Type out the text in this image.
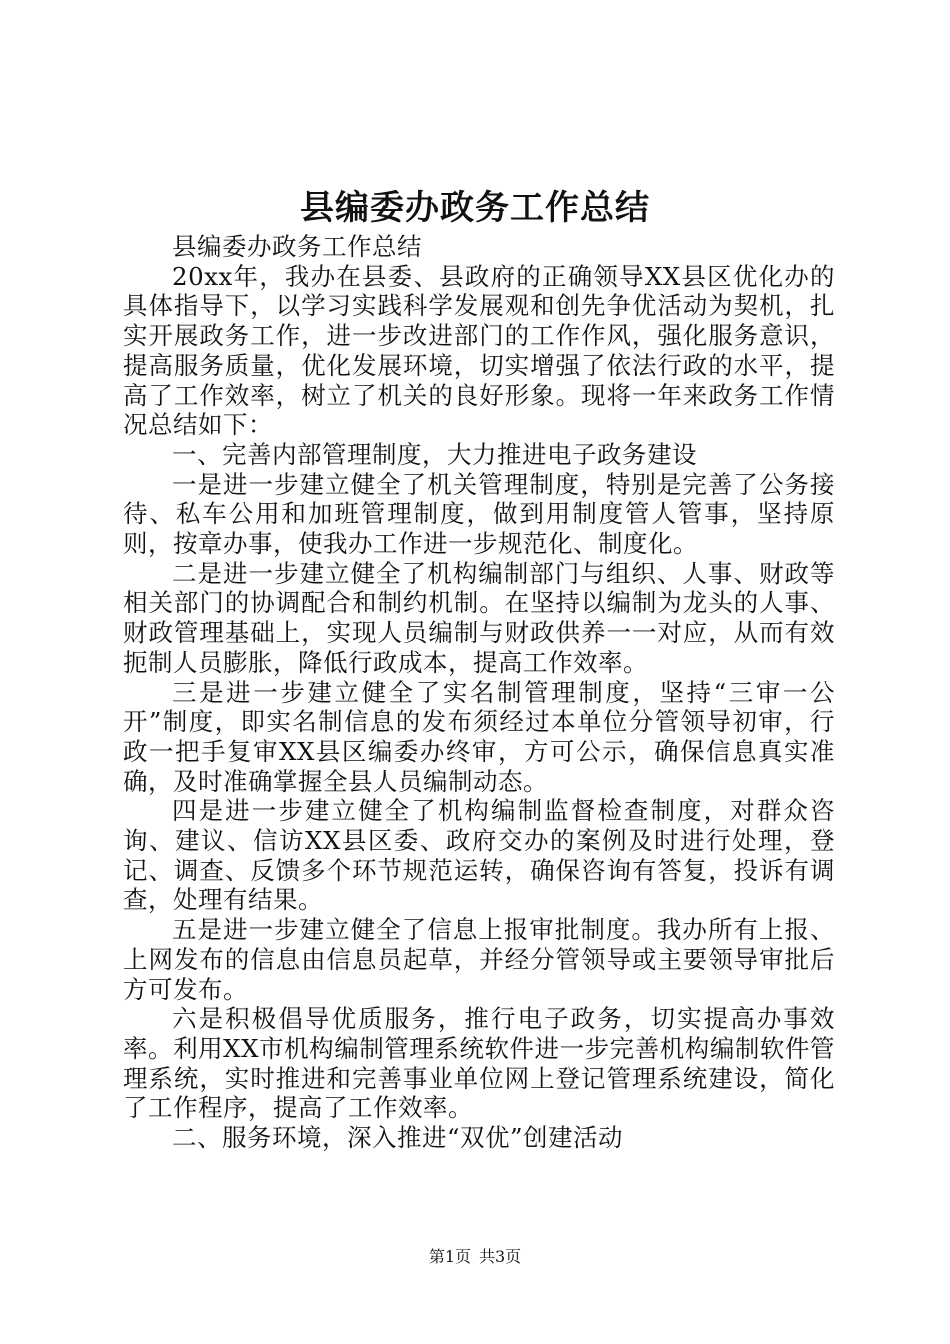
县编委办政务工作总结

县编委办政务工作总结

20xx年，我办在县委、县政府的正确领导XX县区优化办的具体指导下，以学习实践科学发展观和创先争优活动为契机，扎实开展政务工作，进一步改进部门的工作作风，强化服务意识，提高服务质量，优化发展环境，切实增强了依法行政的水平，提高了工作效率，树立了机关的良好形象。现将一年来政务工作情况总结如下：

一、完善内部管理制度，大力推进电子政务建设

一是进一步建立健全了机关管理制度，特别是完善了公务接待、私车公用和加班管理制度，做到用制度管人管事，坚持原则，按章办事，使我办工作进一步规范化、制度化。

二是进一步建立健全了机构编制部门与组织、人事、财政等相关部门的协调配合和制约机制。在坚持以编制为龙头的人事、财政管理基础上，实现人员编制与财政供养一一对应，从而有效扼制人员膨胀，降低行政成本，提高工作效率。

三是进一步建立健全了实名制管理制度，坚持“三审一公开”制度，即实名制信息的发布须经过本单位分管领导初审，行政一把手复审XX县区编委办终审，方可公示，确保信息真实准确，及时准确掌握全县人员编制动态。

四是进一步建立健全了机构编制监督检查制度，对群众咨询、建议、信访XX县区委、政府交办的案例及时进行处理，登记、调查、反馈多个环节规范运转，确保咨询有答复，投诉有调查，处理有结果。

五是进一步建立健全了信息上报审批制度。我办所有上报、上网发布的信息由信息员起草，并经分管领导或主要领导审批后方可发布。

六是积极倡导优质服务，推行电子政务，切实提高办事效率。利用XX市机构编制管理系统软件进一步完善机构编制软件管理系统，实时推进和完善事业单位网上登记管理系统建设，简化了工作程序，提高了工作效率。

二、服务环境，深入推进“双优”创建活动

第1页 共3页
